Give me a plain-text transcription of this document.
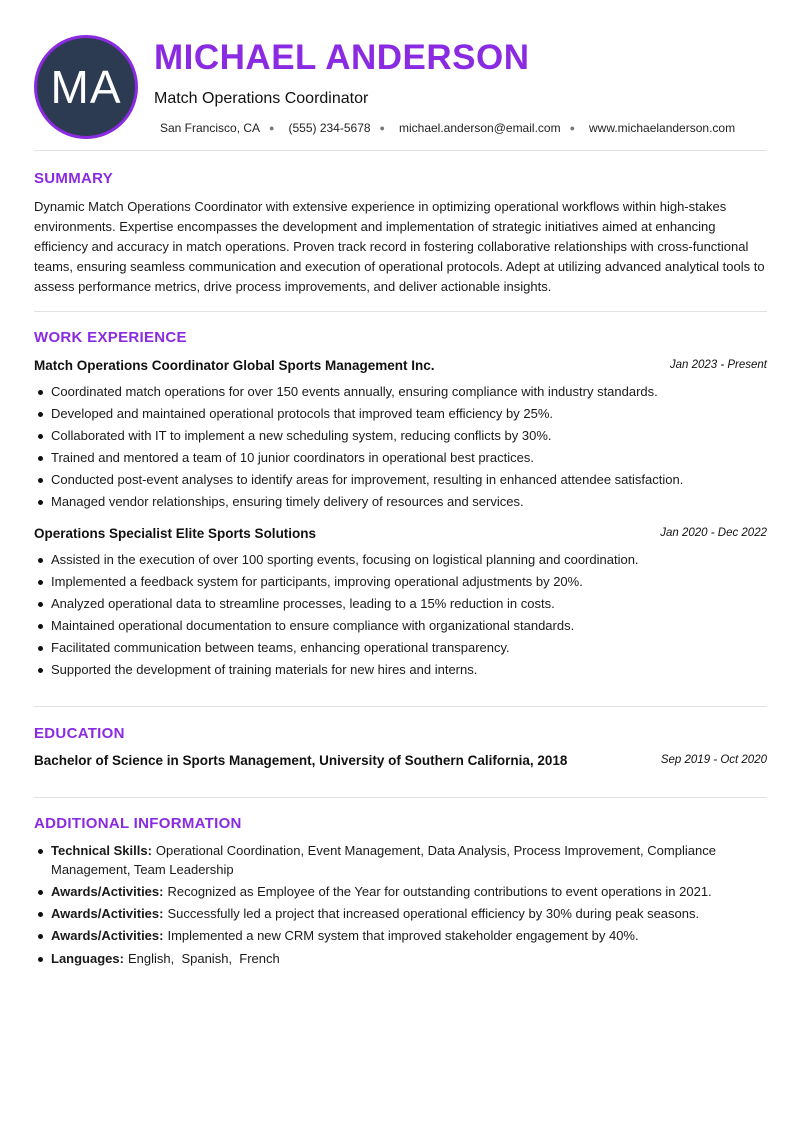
MA
MICHAEL ANDERSON
Match Operations Coordinator
San Francisco, CA ● (555) 234-5678 ● michael.anderson@email.com ● www.michaelanderson.com
SUMMARY
Dynamic Match Operations Coordinator with extensive experience in optimizing operational workflows within high-stakes environments. Expertise encompasses the development and implementation of strategic initiatives aimed at enhancing efficiency and accuracy in match operations. Proven track record in fostering collaborative relationships with cross-functional teams, ensuring seamless communication and execution of operational protocols. Adept at utilizing advanced analytical tools to assess performance metrics, drive process improvements, and deliver actionable insights.
WORK EXPERIENCE
Match Operations Coordinator Global Sports Management Inc.	Jan 2023 - Present
Coordinated match operations for over 150 events annually, ensuring compliance with industry standards.
Developed and maintained operational protocols that improved team efficiency by 25%.
Collaborated with IT to implement a new scheduling system, reducing conflicts by 30%.
Trained and mentored a team of 10 junior coordinators in operational best practices.
Conducted post-event analyses to identify areas for improvement, resulting in enhanced attendee satisfaction.
Managed vendor relationships, ensuring timely delivery of resources and services.
Operations Specialist Elite Sports Solutions	Jan 2020 - Dec 2022
Assisted in the execution of over 100 sporting events, focusing on logistical planning and coordination.
Implemented a feedback system for participants, improving operational adjustments by 20%.
Analyzed operational data to streamline processes, leading to a 15% reduction in costs.
Maintained operational documentation to ensure compliance with organizational standards.
Facilitated communication between teams, enhancing operational transparency.
Supported the development of training materials for new hires and interns.
EDUCATION
Bachelor of Science in Sports Management, University of Southern California, 2018	Sep 2019 - Oct 2020
ADDITIONAL INFORMATION
Technical Skills: Operational Coordination, Event Management, Data Analysis, Process Improvement, Compliance Management, Team Leadership
Awards/Activities: Recognized as Employee of the Year for outstanding contributions to event operations in 2021.
Awards/Activities: Successfully led a project that increased operational efficiency by 30% during peak seasons.
Awards/Activities: Implemented a new CRM system that improved stakeholder engagement by 40%.
Languages: English,  Spanish,  French
